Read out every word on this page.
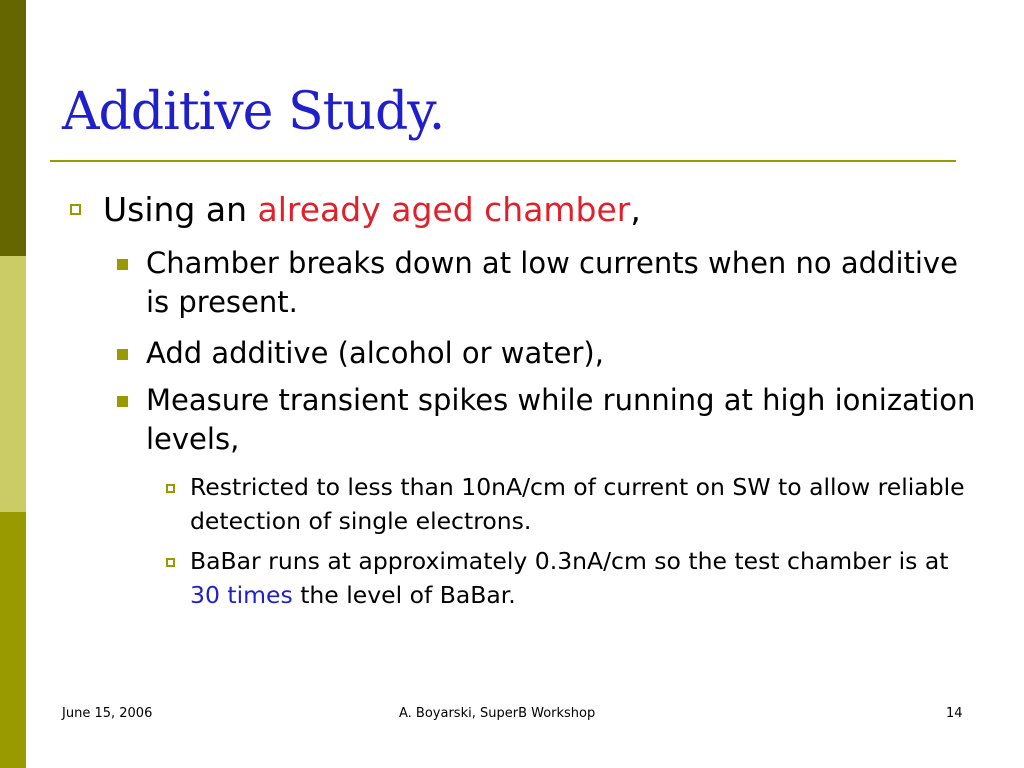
Additive Study.
Using an already aged chamber,
Chamber breaks down at low currents when no additive is present.
Add additive (alcohol or water),
Measure transient spikes while running at high ionization levels,
Restricted to less than 10nA/cm of current on SW to allow reliable detection of single electrons.
BaBar runs at approximately 0.3nA/cm so the test chamber is at 30 times the level of BaBar.
June 15, 2006	A. Boyarski, SuperB Workshop	14
